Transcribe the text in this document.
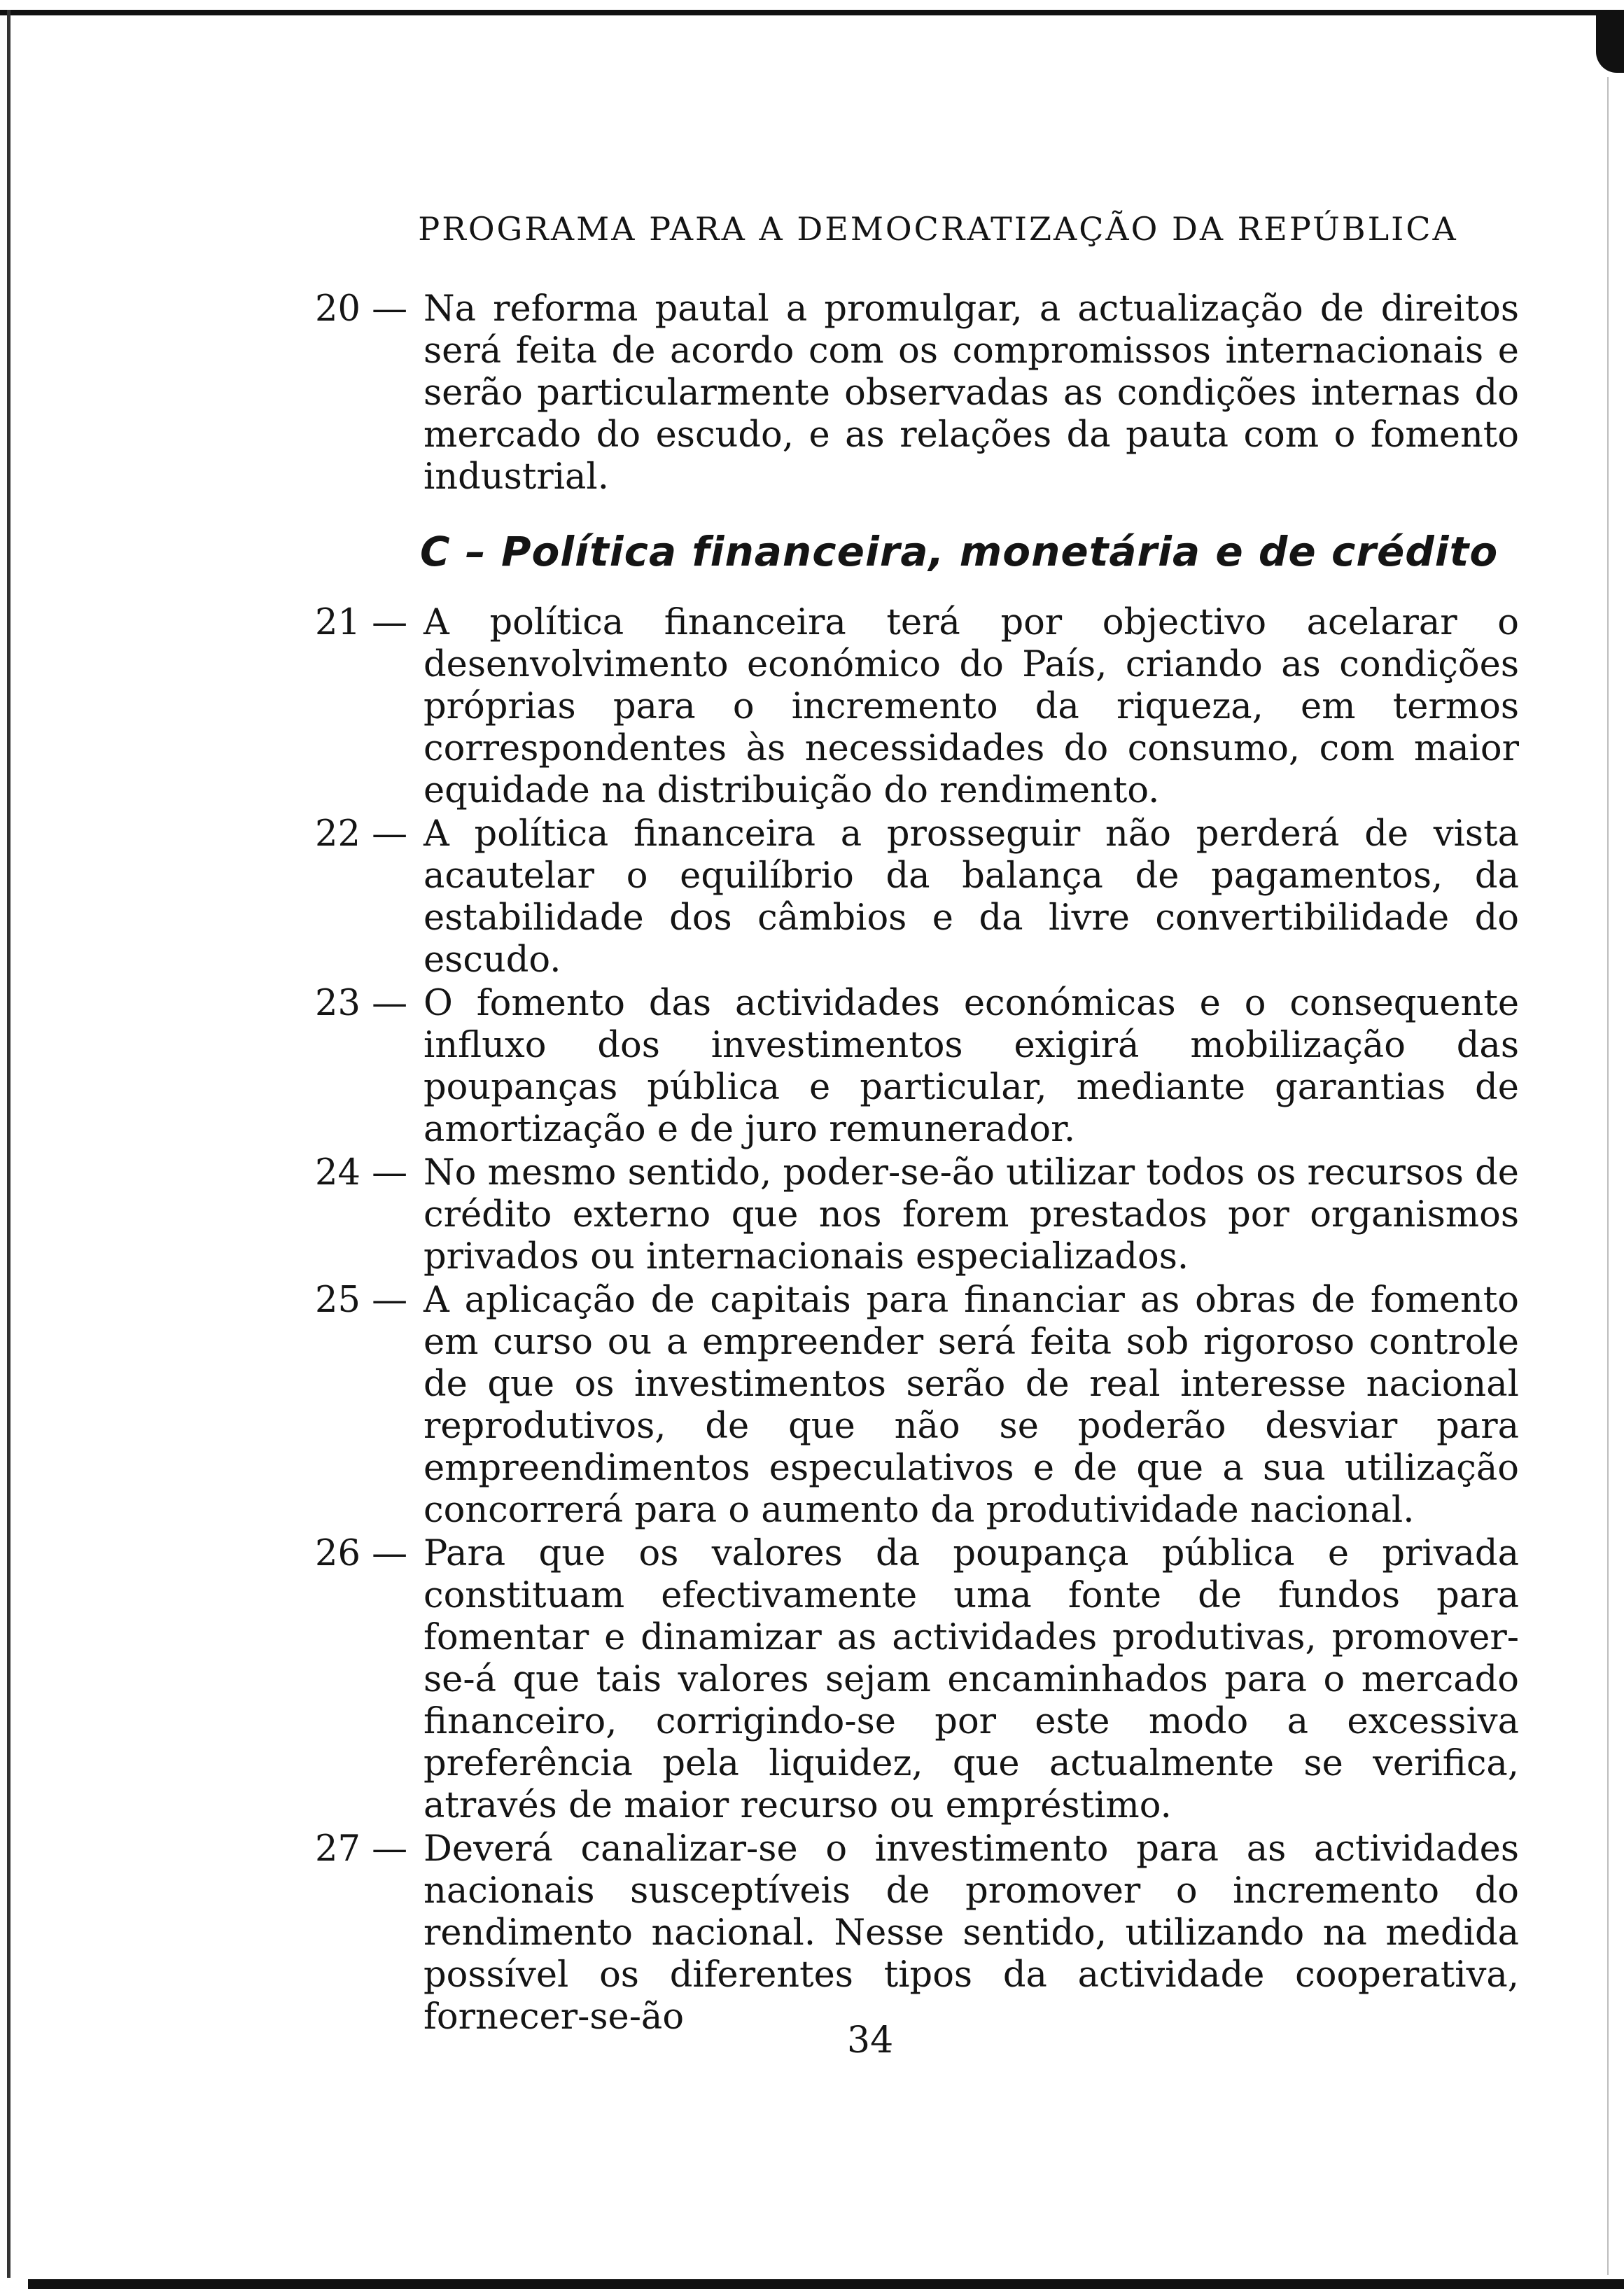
PROGRAMA PARA A DEMOCRATIZAÇÃO DA REPÚBLICA
20 — Na reforma pautal a promulgar, a actualização de direitos será feita de acordo com os compromissos internacionais e serão particularmente observadas as condições internas do mercado do escudo, e as relações da pauta com o fomento industrial.
C – Política financeira, monetária e de crédito
21 — A política financeira terá por objectivo acelarar o desenvolvimento económico do País, criando as condições próprias para o incremento da riqueza, em termos correspondentes às necessidades do consumo, com maior equidade na distribuição do rendimento.
22 — A política financeira a prosseguir não perderá de vista acautelar o equilíbrio da balança de pagamentos, da estabilidade dos câmbios e da livre convertibilidade do escudo.
23 — O fomento das actividades económicas e o consequente influxo dos investimentos exigirá mobilização das poupanças pública e particular, mediante garantias de amortização e de juro remunerador.
24 — No mesmo sentido, poder-se-ão utilizar todos os recursos de crédito externo que nos forem prestados por organismos privados ou internacionais especializados.
25 — A aplicação de capitais para financiar as obras de fomento em curso ou a empreender será feita sob rigoroso controle de que os investimentos serão de real interesse nacional reprodutivos, de que não se poderão desviar para empreendimentos especulativos e de que a sua utilização concorrerá para o aumento da produtividade nacional.
26 — Para que os valores da poupança pública e privada constituam efectivamente uma fonte de fundos para fomentar e dinamizar as actividades produtivas, promover-se-á que tais valores sejam encaminhados para o mercado financeiro, corrigindo-se por este modo a excessiva preferência pela liquidez, que actualmente se verifica, através de maior recurso ou empréstimo.
27 — Deverá canalizar-se o investimento para as actividades nacionais susceptíveis de promover o incremento do rendimento nacional. Nesse sentido, utilizando na medida possível os diferentes tipos da actividade cooperativa, fornecer-se-ão
34
